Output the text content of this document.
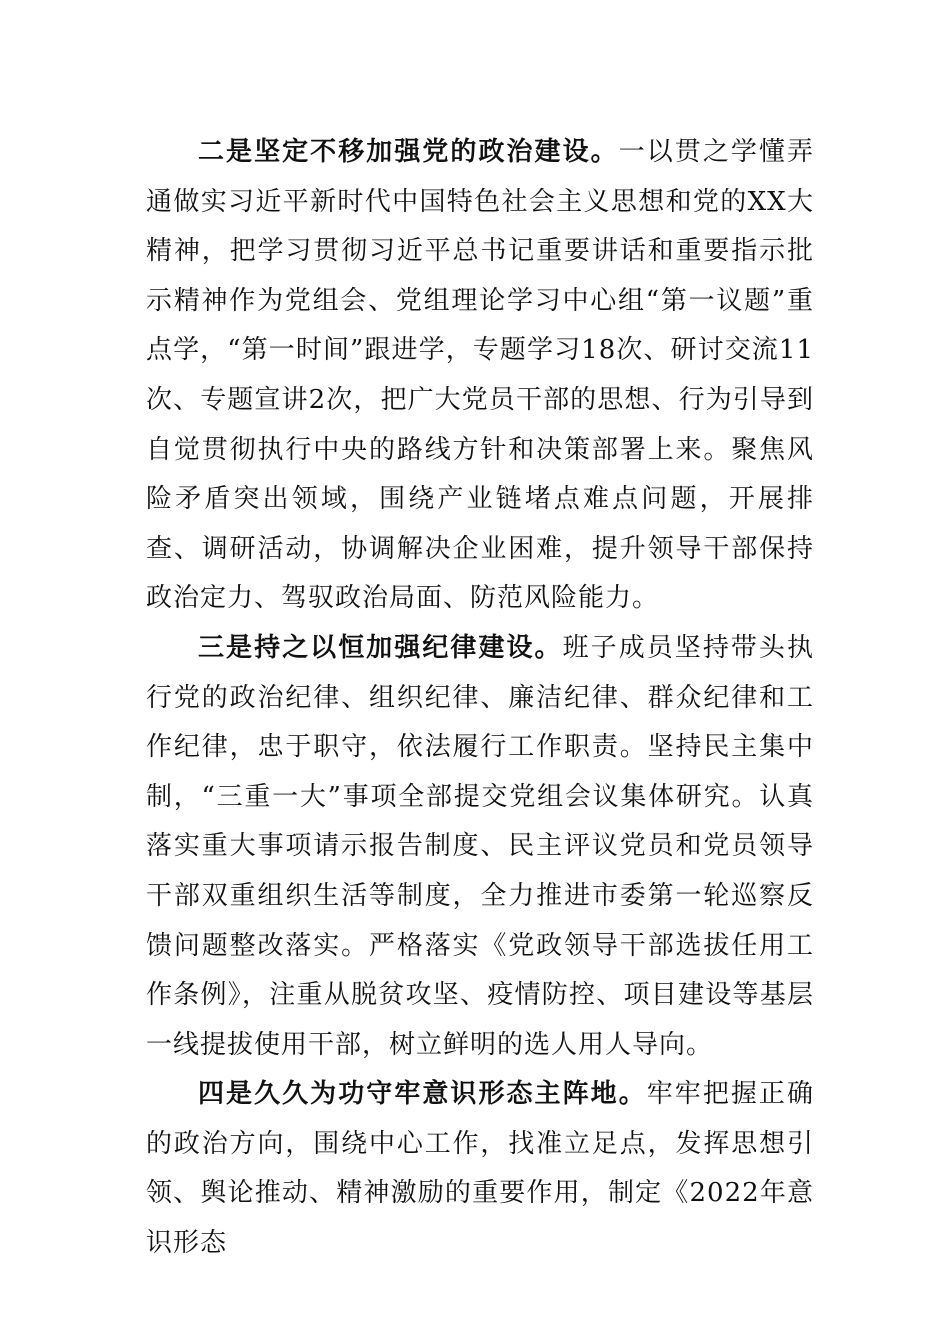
二是坚定不移加强党的政治建设。一以贯之学懂弄通做实习近平新时代中国特色社会主义思想和党的XX大精神，把学习贯彻习近平总书记重要讲话和重要指示批示精神作为党组会、党组理论学习中心组“第一议题”重点学，“第一时间”跟进学，专题学习18次、研讨交流11次、专题宣讲2次，把广大党员干部的思想、行为引导到自觉贯彻执行中央的路线方针和决策部署上来。聚焦风险矛盾突出领域，围绕产业链堵点难点问题，开展排查、调研活动，协调解决企业困难，提升领导干部保持政治定力、驾驭政治局面、防范风险能力。

三是持之以恒加强纪律建设。班子成员坚持带头执行党的政治纪律、组织纪律、廉洁纪律、群众纪律和工作纪律，忠于职守，依法履行工作职责。坚持民主集中制，“三重一大”事项全部提交党组会议集体研究。认真落实重大事项请示报告制度、民主评议党员和党员领导干部双重组织生活等制度，全力推进市委第一轮巡察反馈问题整改落实。严格落实《党政领导干部选拔任用工作条例》，注重从脱贫攻坚、疫情防控、项目建设等基层一线提拔使用干部，树立鲜明的选人用人导向。

四是久久为功守牢意识形态主阵地。牢牢把握正确的政治方向，围绕中心工作，找准立足点，发挥思想引领、舆论推动、精神激励的重要作用，制定《2022年意识形态
